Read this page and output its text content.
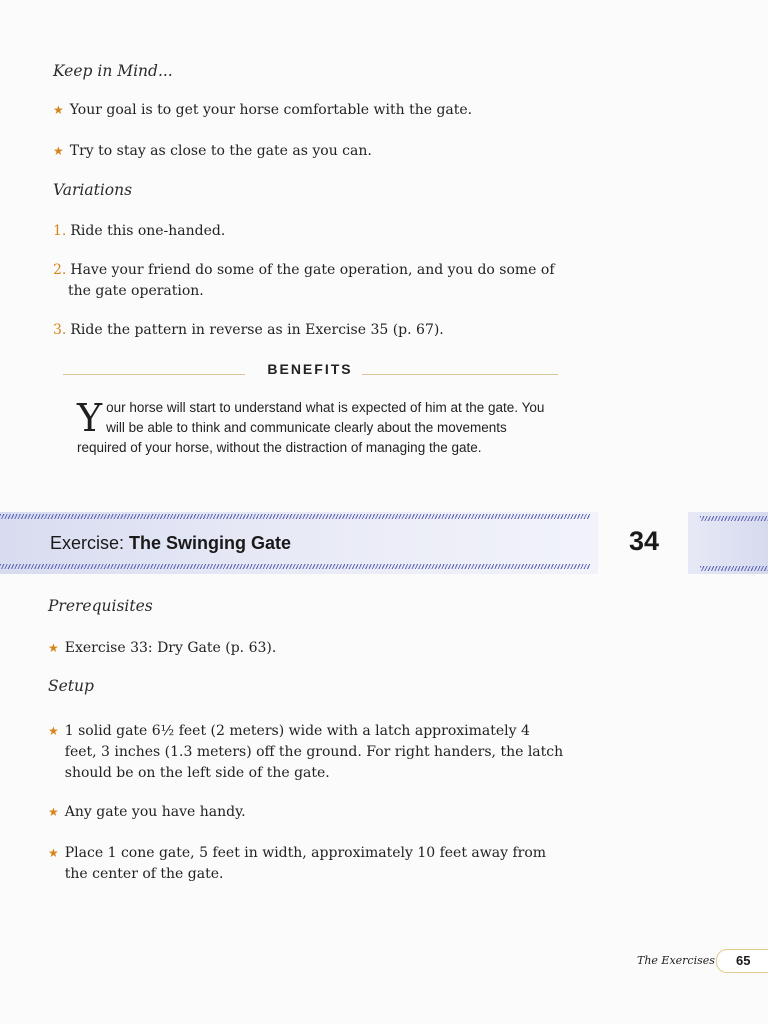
Keep in Mind...
★ Your goal is to get your horse comfortable with the gate.
★ Try to stay as close to the gate as you can.
Variations
1. Ride this one-handed.
2. Have your friend do some of the gate operation, and you do some of the gate operation.
3. Ride the pattern in reverse as in Exercise 35 (p. 67).
BENEFITS
Your horse will start to understand what is expected of him at the gate. You will be able to think and communicate clearly about the movements required of your horse, without the distraction of managing the gate.
Exercise: The Swinging Gate	34
Prerequisites
★ Exercise 33: Dry Gate (p. 63).
Setup
★ 1 solid gate 6½ feet (2 meters) wide with a latch approximately 4 feet, 3 inches (1.3 meters) off the ground. For right handers, the latch should be on the left side of the gate.
★ Any gate you have handy.
★ Place 1 cone gate, 5 feet in width, approximately 10 feet away from the center of the gate.
The Exercises 65
